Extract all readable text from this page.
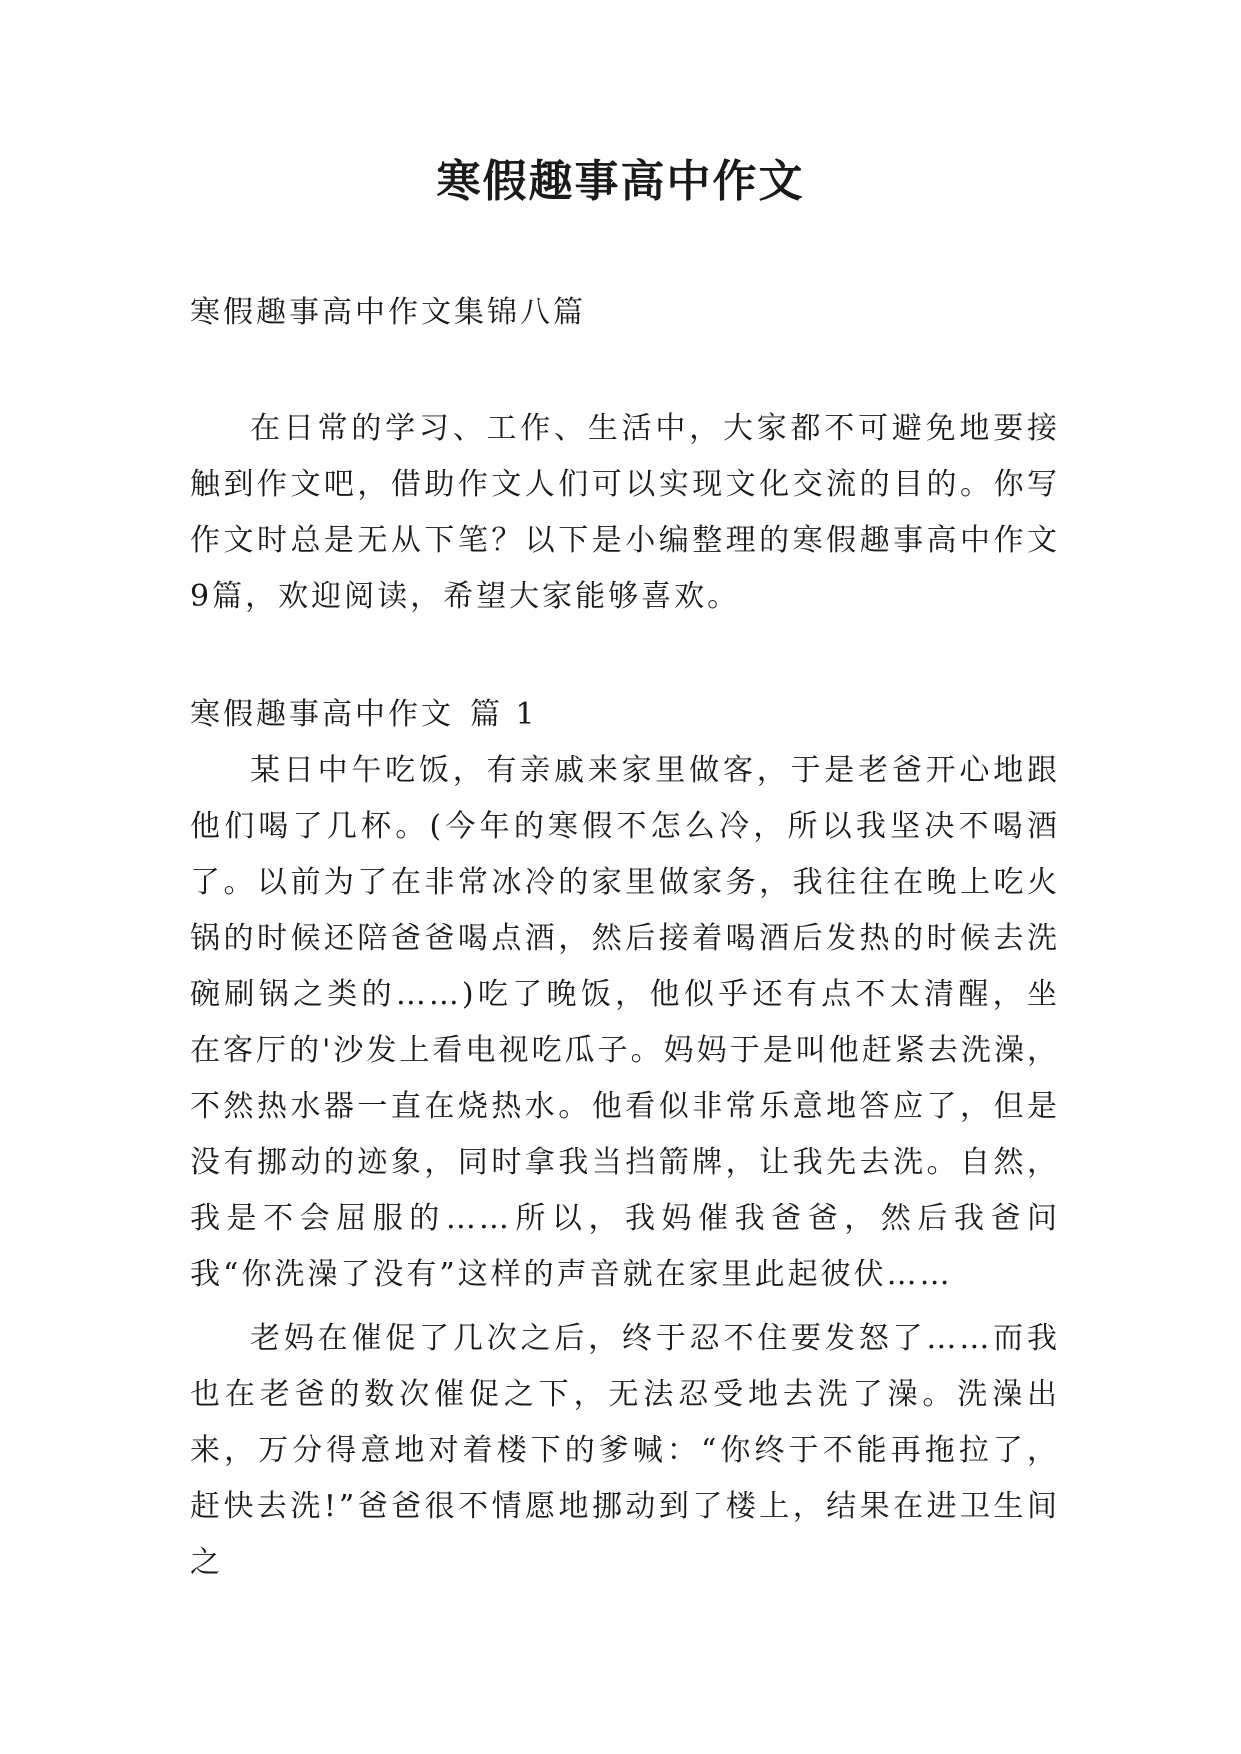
寒假趣事高中作文

寒假趣事高中作文集锦八篇

在日常的学习、工作、生活中，大家都不可避免地要接触到作文吧，借助作文人们可以实现文化交流的目的。你写作文时总是无从下笔？以下是小编整理的寒假趣事高中作文9篇，欢迎阅读，希望大家能够喜欢。

寒假趣事高中作文 篇 1

某日中午吃饭，有亲戚来家里做客，于是老爸开心地跟他们喝了几杯。(今年的寒假不怎么冷，所以我坚决不喝酒了。以前为了在非常冰冷的家里做家务，我往往在晚上吃火锅的时候还陪爸爸喝点酒，然后接着喝酒后发热的时候去洗碗刷锅之类的……)吃了晚饭，他似乎还有点不太清醒，坐在客厅的'沙发上看电视吃瓜子。妈妈于是叫他赶紧去洗澡，不然热水器一直在烧热水。他看似非常乐意地答应了，但是没有挪动的迹象，同时拿我当挡箭牌，让我先去洗。自然，我是不会屈服的……所以，我妈催我爸爸，然后我爸问我“你洗澡了没有”这样的声音就在家里此起彼伏……

老妈在催促了几次之后，终于忍不住要发怒了……而我也在老爸的数次催促之下，无法忍受地去洗了澡。洗澡出来，万分得意地对着楼下的爹喊：“你终于不能再拖拉了，赶快去洗!”爸爸很不情愿地挪动到了楼上，结果在进卫生间之
